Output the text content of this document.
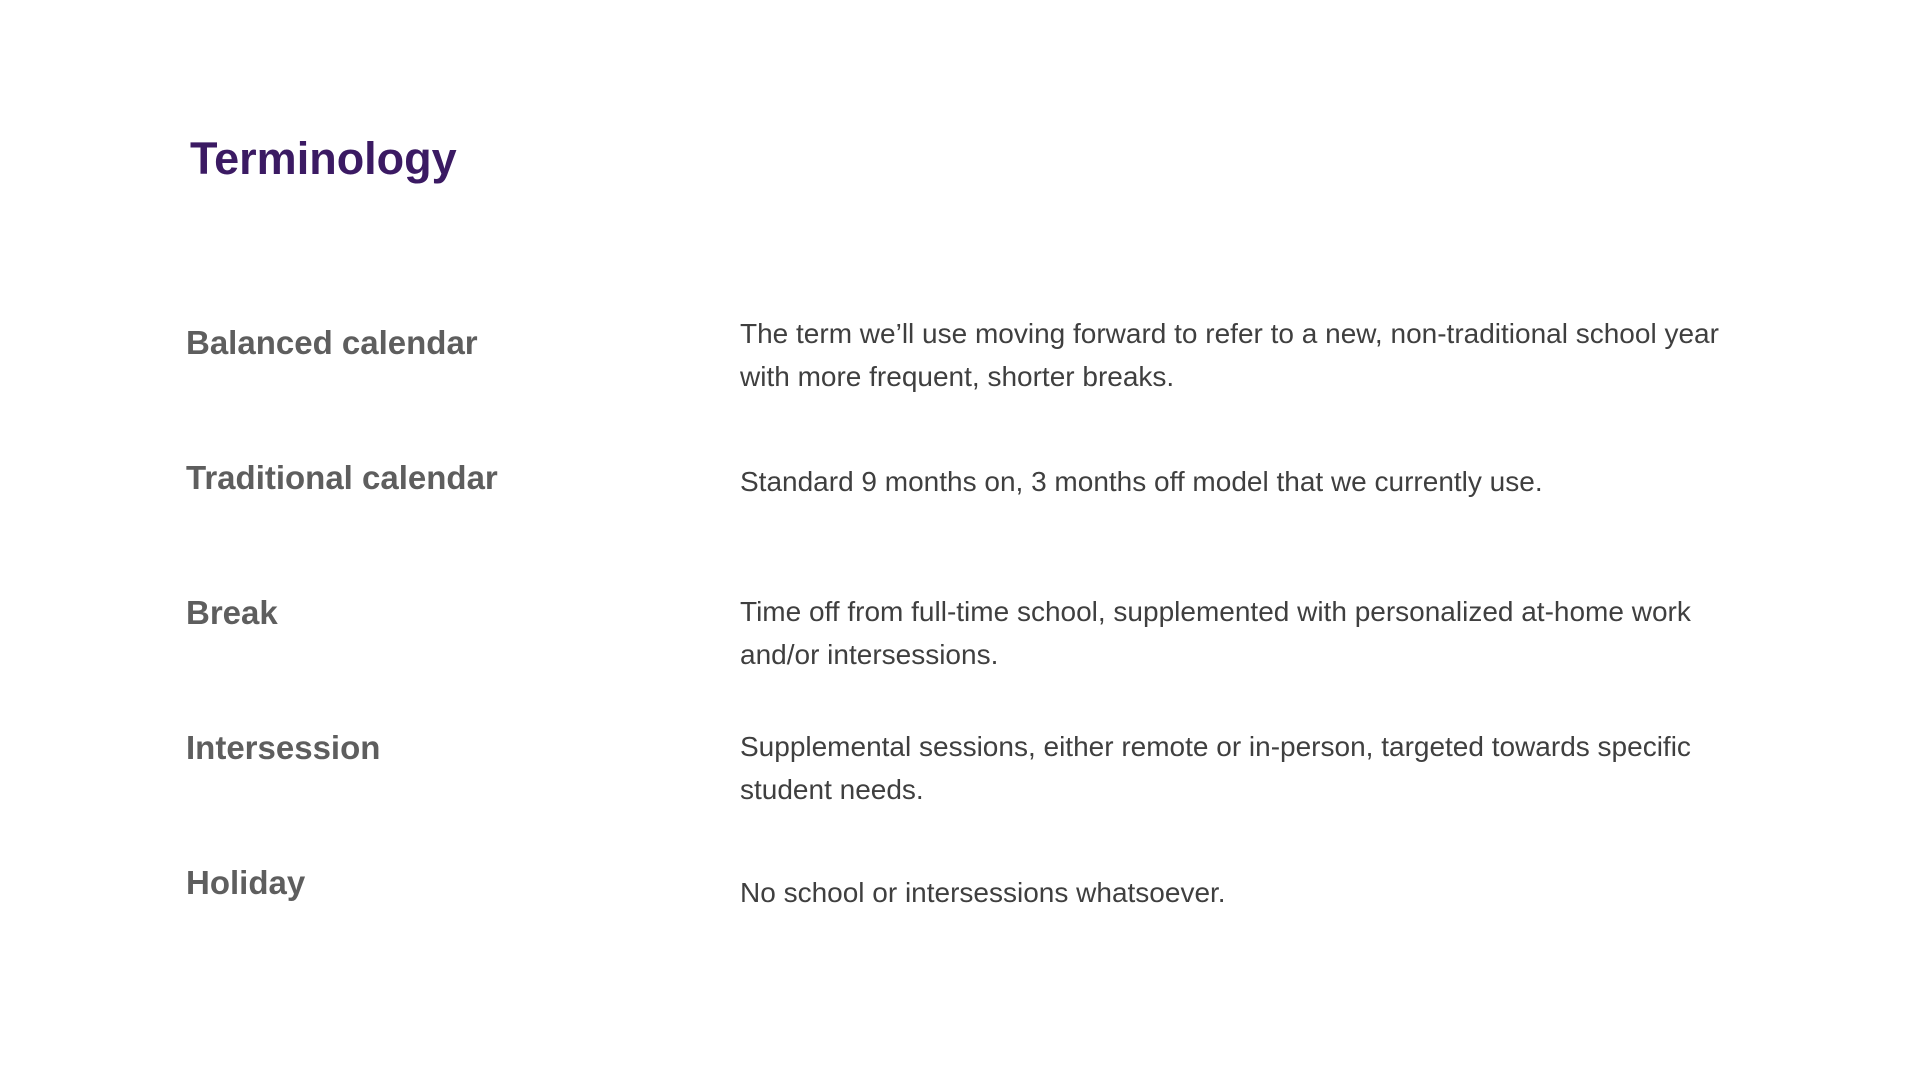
Terminology
Balanced calendar	The term we’ll use moving forward to refer to a new, non-traditional school year with more frequent, shorter breaks.
Traditional calendar	Standard 9 months on, 3 months off model that we currently use.
Break	Time off from full-time school, supplemented with personalized at-home work and/or intersessions.
Intersession	Supplemental sessions, either remote or in-person, targeted towards specific student needs.
Holiday	No school or intersessions whatsoever.
